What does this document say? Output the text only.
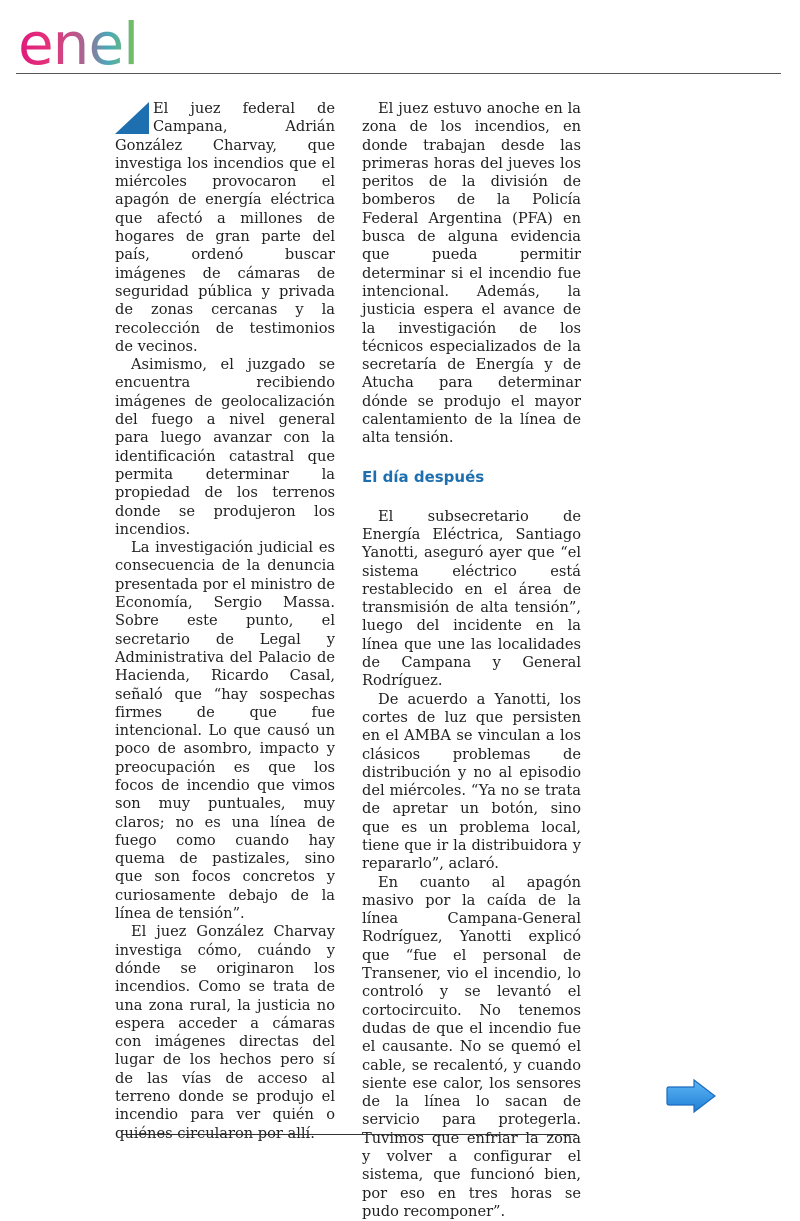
enel

El juez federal de Campana, Adrián González Charvay, que investiga los incendios que el miércoles provocaron el apagón de energía eléctrica que afectó a millones de hogares de gran parte del país, ordenó buscar imágenes de cámaras de seguridad pública y privada de zonas cercanas y la recolección de testimonios de vecinos.

Asimismo, el juzgado se encuentra recibiendo imágenes de geolocalización del fuego a nivel general para luego avanzar con la identificación catastral que permita determinar la propiedad de los terrenos donde se produjeron los incendios.

La investigación judicial es consecuencia de la denuncia presentada por el ministro de Economía, Sergio Massa. Sobre este punto, el secretario de Legal y Administrativa del Palacio de Hacienda, Ricardo Casal, señaló que “hay sospechas firmes de que fue intencional. Lo que causó un poco de asombro, impacto y preocupación es que los focos de incendio que vimos son muy puntuales, muy claros; no es una línea de fuego como cuando hay quema de pastizales, sino que son focos concretos y curiosamente debajo de la línea de tensión”.

El juez González Charvay investiga cómo, cuándo y dónde se originaron los incendios. Como se trata de una zona rural, la justicia no espera acceder a cámaras con imágenes directas del lugar de los hechos pero sí de las vías de acceso al terreno donde se produjo el incendio para ver quién o quiénes circularon por allí.

El juez estuvo anoche en la zona de los incendios, en donde trabajan desde las primeras horas del jueves los peritos de la división de bomberos de la Policía Federal Argentina (PFA) en busca de alguna evidencia que pueda permitir determinar si el incendio fue intencional. Además, la justicia espera el avance de la investigación de los técnicos especializados de la secretaría de Energía y de Atucha para determinar dónde se produjo el mayor calentamiento de la línea de alta tensión.

El día después

El subsecretario de Energía Eléctrica, Santiago Yanotti, aseguró ayer que “el sistema eléctrico está restablecido en el área de transmisión de alta tensión”, luego del incidente en la línea que une las localidades de Campana y General Rodríguez.

De acuerdo a Yanotti, los cortes de luz que persisten en el AMBA se vinculan a los clásicos problemas de distribución y no al episodio del miércoles. “Ya no se trata de apretar un botón, sino que es un problema local, tiene que ir la distribuidora y repararlo”, aclaró.

En cuanto al apagón masivo por la caída de la línea Campana-General Rodríguez, Yanotti explicó que “fue el personal de Transener, vio el incendio, lo controló y se levantó el cortocircuito. No tenemos dudas de que el incendio fue el causante. No se quemó el cable, se recalentó, y cuando siente ese calor, los sensores de la línea lo sacan de servicio para protegerla. Tuvimos que enfriar la zona y volver a configurar el sistema, que funcionó bien, por eso en tres horas se pudo recomponer”.
